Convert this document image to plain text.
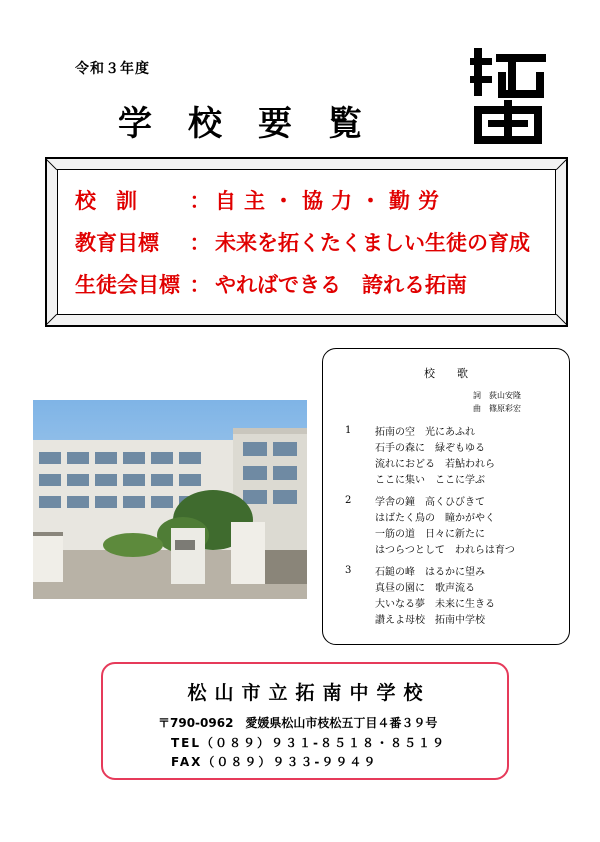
令和３年度
学校要覧
校訓	： 自主・協力・勤労
教育目標	： 未来を拓くたくましい生徒の育成
生徒会目標 ： やればできる　誇れる拓南
校歌
詞　荻山安隆
曲　篠原彩宏
1	拓南の空　光にあふれ
石手の森に　緑ぞもゆる
流れにおどる　若鮎われら
ここに集い　ここに学ぶ
2	学舎の鐘　高くひびきて
はばたく鳥の　瞳かがやく
一筋の道　日々に新たに
はつらつとして　われらは育つ
3	石鎚の峰　はるかに望み
真昼の園に　歌声流る
大いなる夢　未来に生きる
讃えよ母校　拓南中学校
松山市立拓南中学校
〒790-0962　愛媛県松山市枝松五丁目４番３９号
TEL（０８９）９３１-８５１８・８５１９
FAX（０８９）９３３-９９４９
